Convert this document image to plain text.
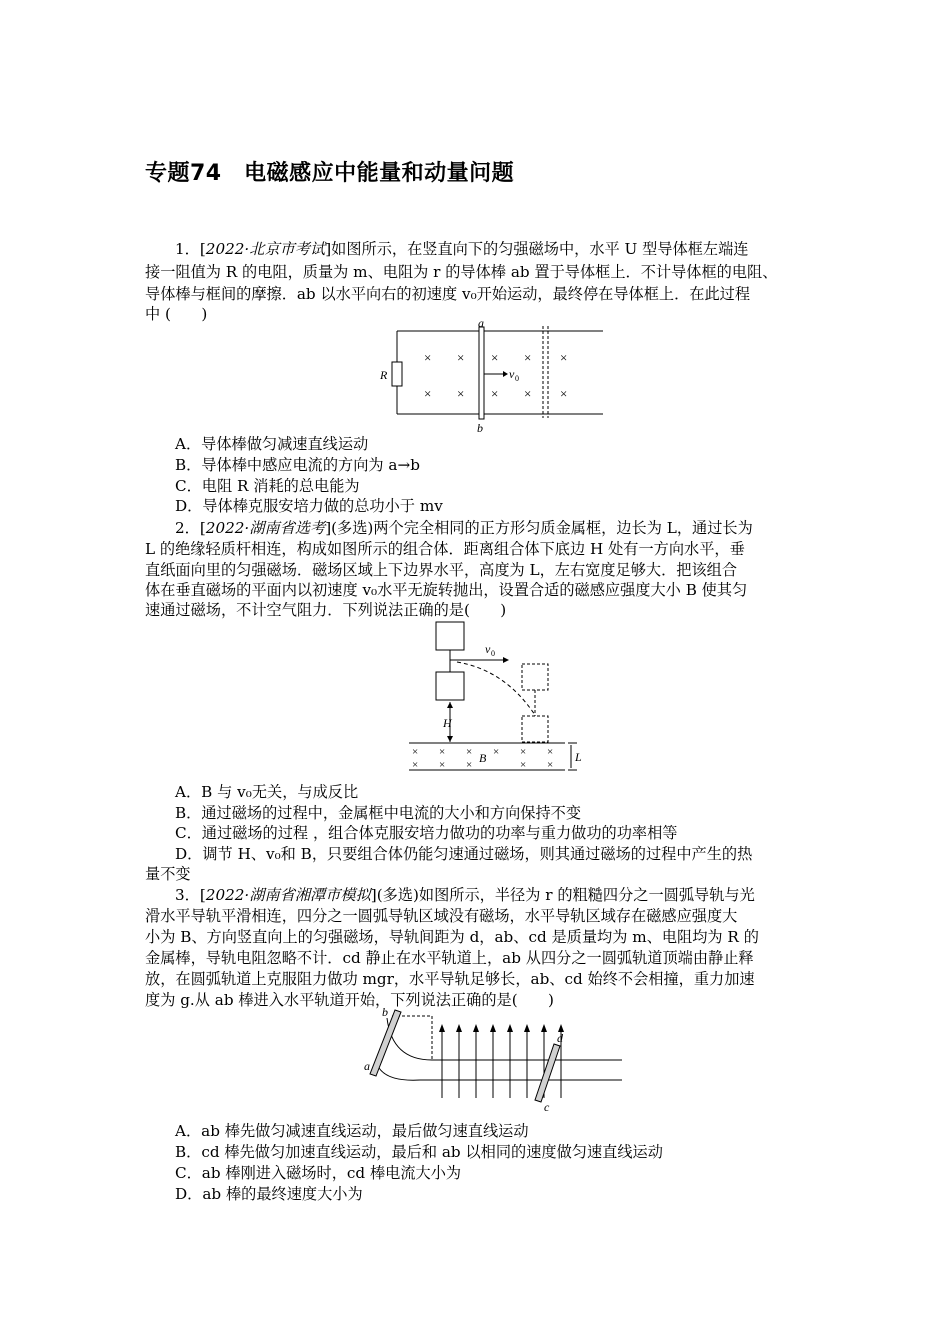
专题74　电磁感应中能量和动量问题
1．[2022·北京市考试]如图所示，在竖直向下的匀强磁场中，水平 U 型导体框左端连
接一阻值为 R 的电阻，质量为 m、电阻为 r 的导体棒 ab 置于导体框上．不计导体框的电阻、
导体棒与框间的摩擦．ab 以水平向右的初速度 v₀开始运动，最终停在导体框上．在此过程
中 (　　)
R
a
b
× × × × ×
× × × × ×
v 0
A．导体棒做匀减速直线运动
B．导体棒中感应电流的方向为 a→b
C．电阻 R 消耗的总电能为
D．导体棒克服安培力做的总功小于 mv
2．[2022·湖南省选考](多选)两个完全相同的正方形匀质金属框，边长为 L，通过长为
L 的绝缘轻质杆相连，构成如图所示的组合体．距离组合体下底边 H 处有一方向水平，垂
直纸面向里的匀强磁场．磁场区域上下边界水平，高度为 L，左右宽度足够大．把该组合
体在垂直磁场的平面内以初速度 v₀水平无旋转抛出，设置合适的磁感应强度大小 B 使其匀
速通过磁场，不计空气阻力．下列说法正确的是(　　)
v 0
H
× × × × × ×
× × ×	× ×
B	L
A．B 与 v₀无关，与成反比
B．通过磁场的过程中，金属框中电流的大小和方向保持不变
C．通过磁场的过程 ，组合体克服安培力做功的功率与重力做功的功率相等
D．调节 H、v₀和 B，只要组合体仍能匀速通过磁场，则其通过磁场的过程中产生的热
量不变
3．[2022·湖南省湘潭市模拟](多选)如图所示，半径为 r 的粗糙四分之一圆弧导轨与光
滑水平导轨平滑相连，四分之一圆弧导轨区域没有磁场，水平导轨区域存在磁感应强度大
小为 B、方向竖直向上的匀强磁场，导轨间距为 d，ab、cd 是质量均为 m、电阻均为 R 的
金属棒，导轨电阻忽略不计．cd 静止在水平轨道上，ab 从四分之一圆弧轨道顶端由静止释
放，在圆弧轨道上克服阻力做功 mgr，水平导轨足够长，ab、cd 始终不会相撞，重力加速
度为 g.从 ab 棒进入水平轨道开始，下列说法正确的是(　　)
b
a
d
c
A．ab 棒先做匀减速直线运动，最后做匀速直线运动
B．cd 棒先做匀加速直线运动，最后和 ab 以相同的速度做匀速直线运动
C．ab 棒刚进入磁场时，cd 棒电流大小为
D．ab 棒的最终速度大小为
